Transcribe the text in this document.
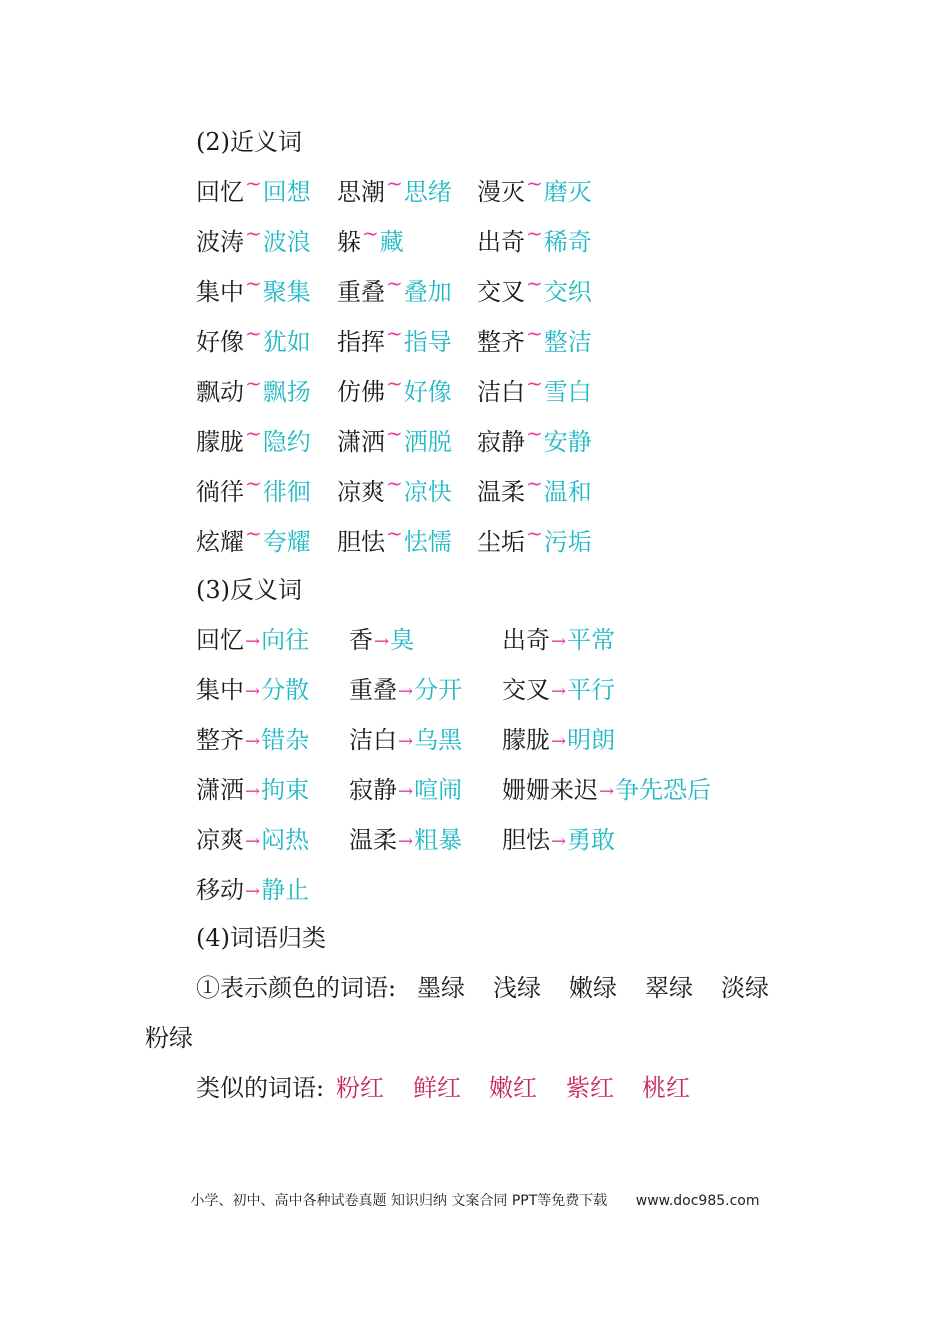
(2)近义词
回忆~回想 思潮~思绪 漫灭~磨灭
波涛~波浪 躲~藏	出奇~稀奇
集中~聚集 重叠~叠加 交叉~交织
好像~犹如 指挥~指导 整齐~整洁
飘动~飘扬 仿佛~好像 洁白~雪白
朦胧~隐约 潇洒~洒脱 寂静~安静
徜徉~徘徊 凉爽~凉快 温柔~温和
炫耀~夸耀 胆怯~怯懦 尘垢~污垢
(3)反义词
回忆→向往 香→臭	出奇→平常
集中→分散 重叠→分开 交叉→平行
整齐→错杂 洁白→乌黑 朦胧→明朗
潇洒→拘束 寂静→喧闹 姗姗来迟→争先恐后
凉爽→闷热 温柔→粗暴 胆怯→勇敢
移动→静止
(4)词语归类
①表示颜色的词语: 墨绿 浅绿 嫩绿 翠绿 淡绿
粉绿
类似的词语: 粉红 鲜红 嫩红 紫红 桃红
小学、初中、高中各种试卷真题 知识归纳 文案合同 PPT等免费下载 www.doc985.com
